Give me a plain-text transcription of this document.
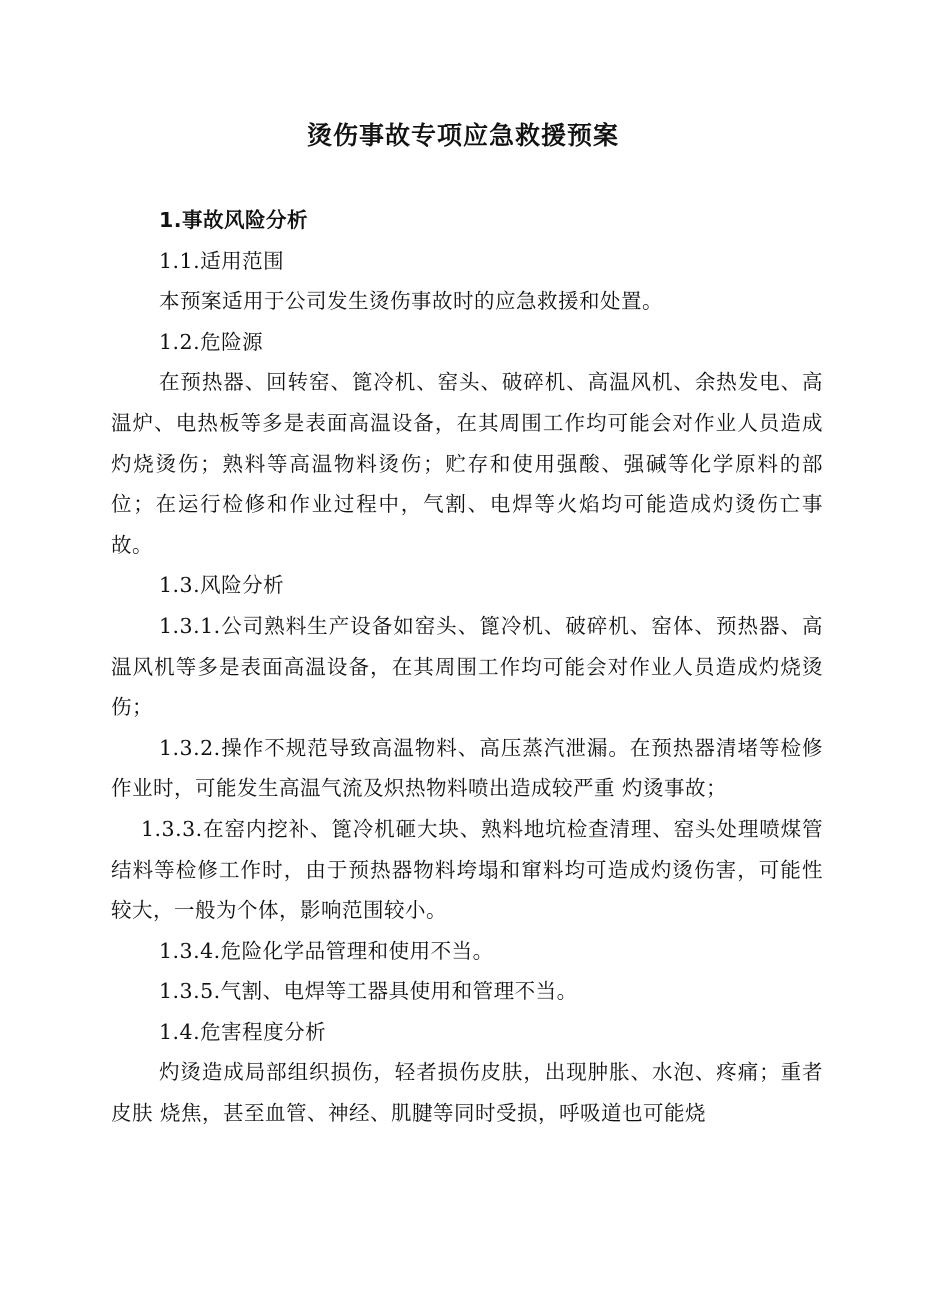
烫伤事故专项应急救援预案

1.事故风险分析

1.1.适用范围

本预案适用于公司发生烫伤事故时的应急救援和处置。

1.2.危险源

在预热器、回转窑、篦冷机、窑头、破碎机、高温风机、余热发电、高温炉、电热板等多是表面高温设备，在其周围工作均可能会对作业人员造成灼烧烫伤；熟料等高温物料烫伤；贮存和使用强酸、强碱等化学原料的部位；在运行检修和作业过程中，气割、电焊等火焰均可能造成灼烫伤亡事故。

1.3.风险分析

1.3.1.公司熟料生产设备如窑头、篦冷机、破碎机、窑体、预热器、高温风机等多是表面高温设备，在其周围工作均可能会对作业人员造成灼烧烫伤；

1.3.2.操作不规范导致高温物料、高压蒸汽泄漏。在预热器清堵等检修作业时，可能发生高温气流及炽热物料喷出造成较严重 灼烫事故；

1.3.3.在窑内挖补、篦冷机砸大块、熟料地坑检查清理、窑头处理喷煤管结料等检修工作时，由于预热器物料垮塌和窜料均可造成灼烫伤害，可能性较大，一般为个体，影响范围较小。

1.3.4.危险化学品管理和使用不当。

1.3.5.气割、电焊等工器具使用和管理不当。

1.4.危害程度分析

灼烫造成局部组织损伤，轻者损伤皮肤，出现肿胀、水泡、疼痛；重者皮肤 烧焦，甚至血管、神经、肌腱等同时受损，呼吸道也可能烧
